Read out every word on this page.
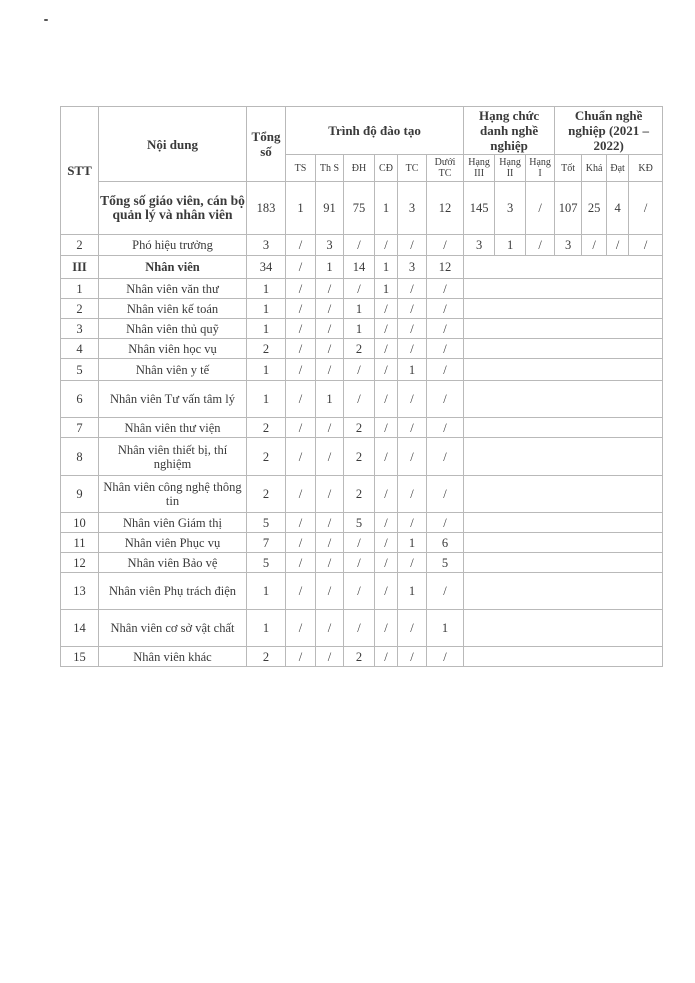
STT	Nội dung	Tổng số	Trình độ đào tạo						Hạng chức danh nghề nghiệp			Chuẩn nghề nghiệp (2021 – 2022)			
			TS	Th S	ĐH	CĐ	TC	Dưới TC	Hạng III	Hạng II	Hạng I	Tốt	Khá	Đạt	KĐ
	Tổng số giáo viên, cán bộ quản lý và nhân viên	183	1	91	75	1	3	12	145	3	/	107	25	4	/
2	Phó hiệu trưởng	3	/	3	/	/	/	/	3	1	/	3	/	/	/
III	Nhân viên	34	/	1	14	1	3	12							
1	Nhân viên văn thư	1	/	/	/	1	/	/							
2	Nhân viên kế toán	1	/	/	1	/	/	/							
3	Nhân viên thủ quỹ	1	/	/	1	/	/	/							
4	Nhân viên học vụ	2	/	/	2	/	/	/							
5	Nhân viên y tế	1	/	/	/	/	1	/							
6	Nhân viên Tư vấn tâm lý	1	/	1	/	/	/	/							
7	Nhân viên thư viện	2	/	/	2	/	/	/							
8	Nhân viên thiết bị, thí nghiệm	2	/	/	2	/	/	/							
9	Nhân viên công nghệ thông tin	2	/	/	2	/	/	/							
10	Nhân viên Giám thị	5	/	/	5	/	/	/							
11	Nhân viên Phục vụ	7	/	/	/	/	1	6							
12	Nhân viên Bảo vệ	5	/	/	/	/	/	5							
13	Nhân viên Phụ trách điện	1	/	/	/	/	1	/							
14	Nhân viên cơ sở vật chất	1	/	/	/	/	/	1							
15	Nhân viên khác	2	/	/	2	/	/	/							
